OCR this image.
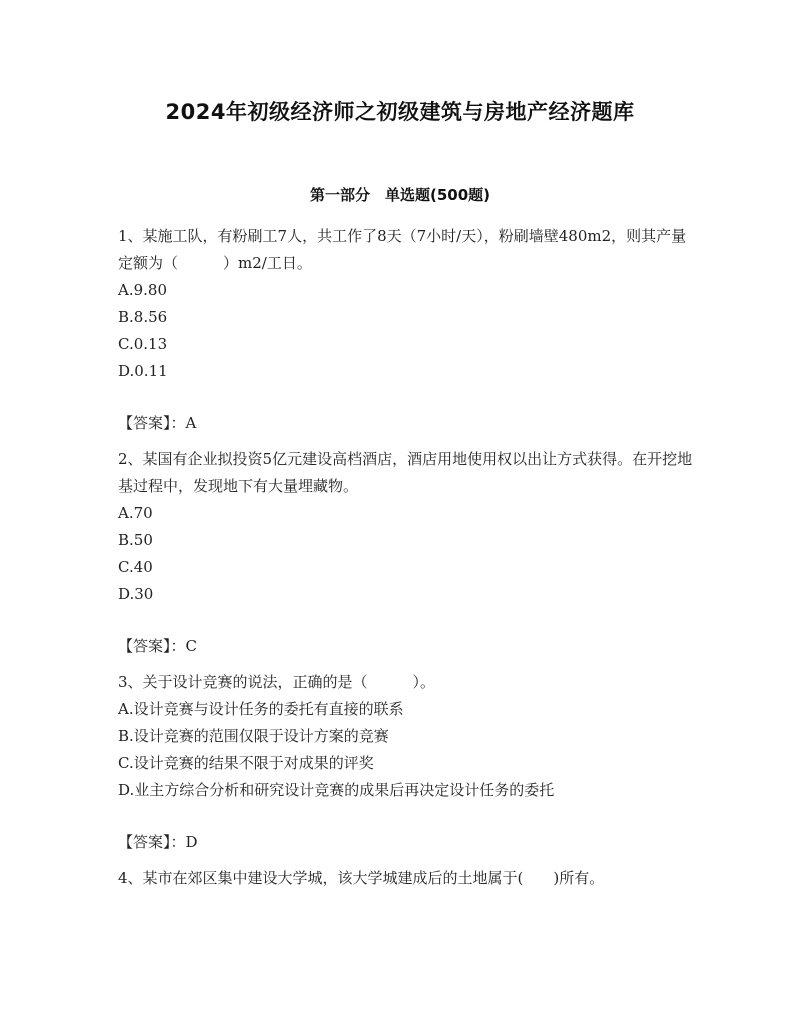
2024年初级经济师之初级建筑与房地产经济题库
第一部分　单选题(500题)

1、某施工队，有粉刷工7人，共工作了8天（7小时/天），粉刷墙壁480m2，则其产量定额为（　　　）m2/工日。

A.9.80

B.8.56

C.0.13

D.0.11

【答案】：A

2、某国有企业拟投资5亿元建设高档酒店，酒店用地使用权以出让方式获得。在开挖地基过程中，发现地下有大量埋藏物。

A.70

B.50

C.40

D.30

【答案】：C

3、关于设计竞赛的说法，正确的是（　　　）。

A.设计竞赛与设计任务的委托有直接的联系

B.设计竞赛的范围仅限于设计方案的竞赛

C.设计竞赛的结果不限于对成果的评奖

D.业主方综合分析和研究设计竞赛的成果后再决定设计任务的委托

【答案】：D

4、某市在郊区集中建设大学城，该大学城建成后的土地属于(　　)所有。
